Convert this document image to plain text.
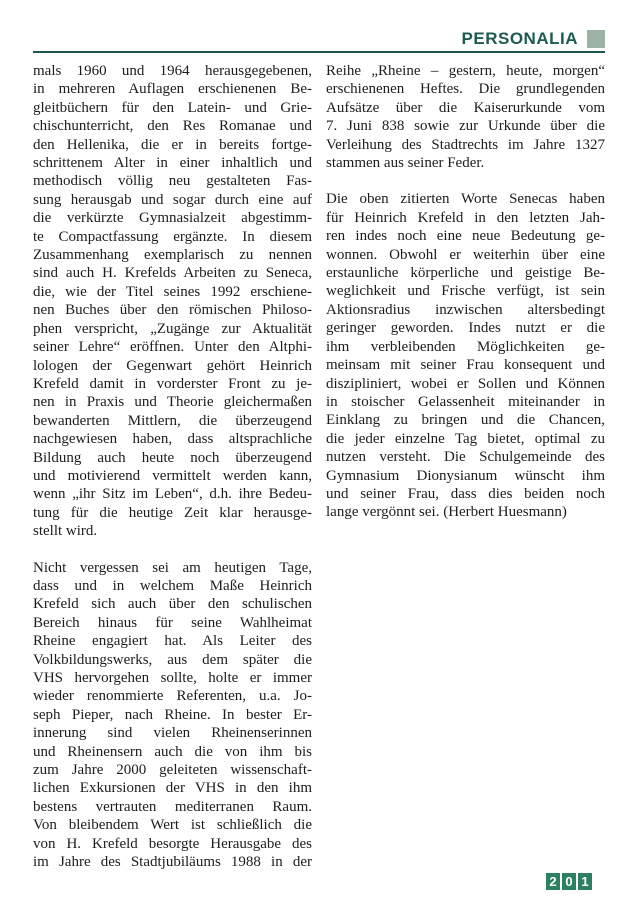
PERSONALIA
mals 1960 und 1964 herausgegebenen,
in mehreren Auflagen erschienenen Be-
gleitbüchern für den Latein- und Grie-
chischunterricht, den Res Romanae und
den Hellenika, die er in bereits fortge-
schrittenem Alter in einer inhaltlich und
methodisch völlig neu gestalteten Fas-
sung herausgab und sogar durch eine auf
die verkürzte Gymnasialzeit abgestimm-
te Compactfassung ergänzte. In diesem
Zusammenhang exemplarisch zu nennen
sind auch H. Krefelds Arbeiten zu Seneca,
die, wie der Titel seines 1992 erschiene-
nen Buches über den römischen Philoso-
phen verspricht, „Zugänge zur Aktualität
seiner Lehre“ eröffnen. Unter den Altphi-
lologen der Gegenwart gehört Heinrich
Krefeld damit in vorderster Front zu je-
nen in Praxis und Theorie gleichermaßen
bewanderten Mittlern, die überzeugend
nachgewiesen haben, dass altsprachliche
Bildung auch heute noch überzeugend
und motivierend vermittelt werden kann,
wenn „ihr Sitz im Leben“, d.h. ihre Bedeu-
tung für die heutige Zeit klar herausge-
stellt wird.
Nicht vergessen sei am heutigen Tage,
dass und in welchem Maße Heinrich
Krefeld sich auch über den schulischen
Bereich hinaus für seine Wahlheimat
Rheine engagiert hat. Als Leiter des
Volkbildungswerks, aus dem später die
VHS hervorgehen sollte, holte er immer
wieder renommierte Referenten, u.a. Jo-
seph Pieper, nach Rheine. In bester Er-
innerung sind vielen Rheinenserinnen
und Rheinensern auch die von ihm bis
zum Jahre 2000 geleiteten wissenschaft-
lichen Exkursionen der VHS in den ihm
bestens vertrauten mediterranen Raum.
Von bleibendem Wert ist schließlich die
von H. Krefeld besorgte Herausgabe des
im Jahre des Stadtjubiläums 1988 in der
Reihe „Rheine – gestern, heute, morgen“
erschienenen Heftes. Die grundlegenden
Aufsätze über die Kaiserurkunde vom
7. Juni 838 sowie zur Urkunde über die
Verleihung des Stadtrechts im Jahre 1327
stammen aus seiner Feder.
Die oben zitierten Worte Senecas haben
für Heinrich Krefeld in den letzten Jah-
ren indes noch eine neue Bedeutung ge-
wonnen. Obwohl er weiterhin über eine
erstaunliche körperliche und geistige Be-
weglichkeit und Frische verfügt, ist sein
Aktionsradius inzwischen altersbedingt
geringer geworden. Indes nutzt er die
ihm verbleibenden Möglichkeiten ge-
meinsam mit seiner Frau konsequent und
diszipliniert, wobei er Sollen und Können
in stoischer Gelassenheit miteinander in
Einklang zu bringen und die Chancen,
die jeder einzelne Tag bietet, optimal zu
nutzen versteht. Die Schulgemeinde des
Gymnasium Dionysianum wünscht ihm
und seiner Frau, dass dies beiden noch
lange vergönnt sei. (Herbert Huesmann)
2 0 1
